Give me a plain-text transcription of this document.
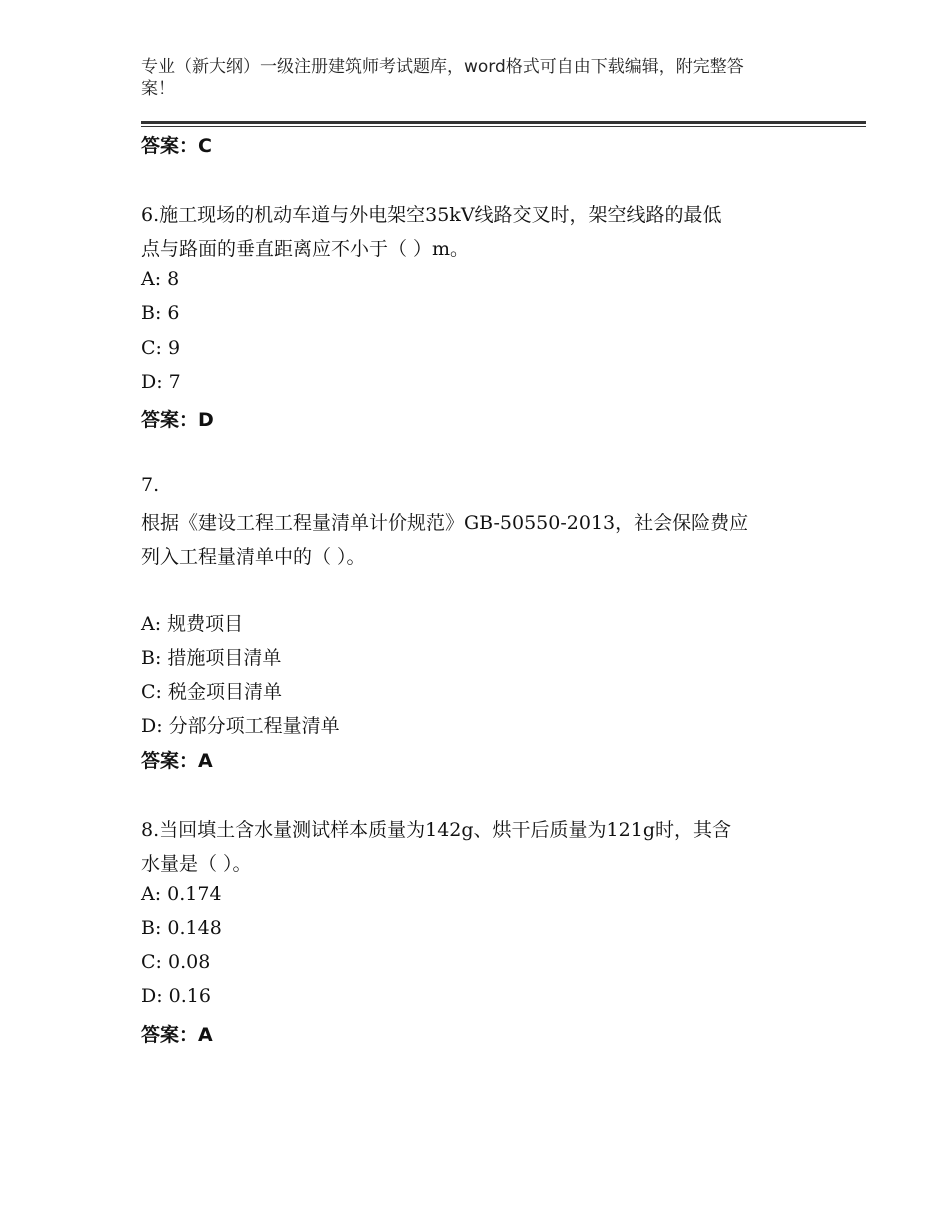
专业（新大纲）一级注册建筑师考试题库，word格式可自由下载编辑，附完整答
案！
答案：C
6.施工现场的机动车道与外电架空35kV线路交叉时，架空线路的最低
点与路面的垂直距离应不小于（ ）m。
A: 8
B: 6
C: 9
D: 7
答案：D
7.
根据《建设工程工程量清单计价规范》GB-50550-2013，社会保险费应
列入工程量清单中的（ ）。
A: 规费项目
B: 措施项目清单
C: 税金项目清单
D: 分部分项工程量清单
答案：A
8.当回填土含水量测试样本质量为142g、烘干后质量为121g时，其含
水量是（ ）。
A: 0.174
B: 0.148
C: 0.08
D: 0.16
答案：A
